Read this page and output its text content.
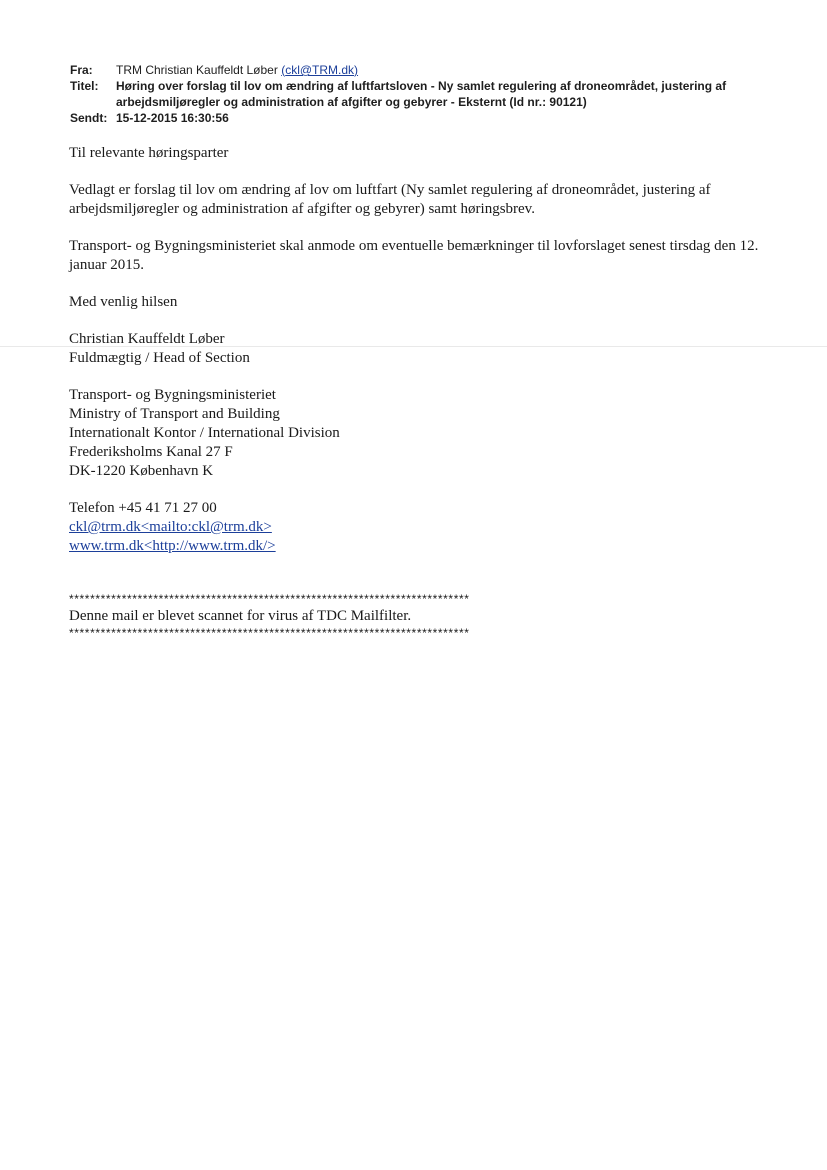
Fra:	TRM Christian Kauffeldt Løber (ckl@TRM.dk)
Titel:	Høring over forslag til lov om ændring af luftfartsloven - Ny samlet regulering af droneområdet, justering af arbejdsmiljøregler og administration af afgifter og gebyrer - Eksternt (Id nr.: 90121)
Sendt: 15-12-2015 16:30:56

Til relevante høringsparter

Vedlagt er forslag til lov om ændring af lov om luftfart (Ny samlet regulering af droneområdet, justering af arbejdsmiljøregler og administration af afgifter og gebyrer) samt høringsbrev.

Transport- og Bygningsministeriet skal anmode om eventuelle bemærkninger til lovforslaget senest tirsdag den 12. januar 2015.

Med venlig hilsen

Christian Kauffeldt Løber
Fuldmægtig / Head of Section
Transport- og Bygningsministeriet
Ministry of Transport and Building
Internationalt Kontor / International Division
Frederiksholms Kanal 27 F
DK-1220 København K
Telefon +45 41 71 27 00
ckl@trm.dk<mailto:ckl@trm.dk>
www.trm.dk<http://www.trm.dk/>
****************************************************************************
Denne mail er blevet scannet for virus af TDC Mailfilter.
****************************************************************************
